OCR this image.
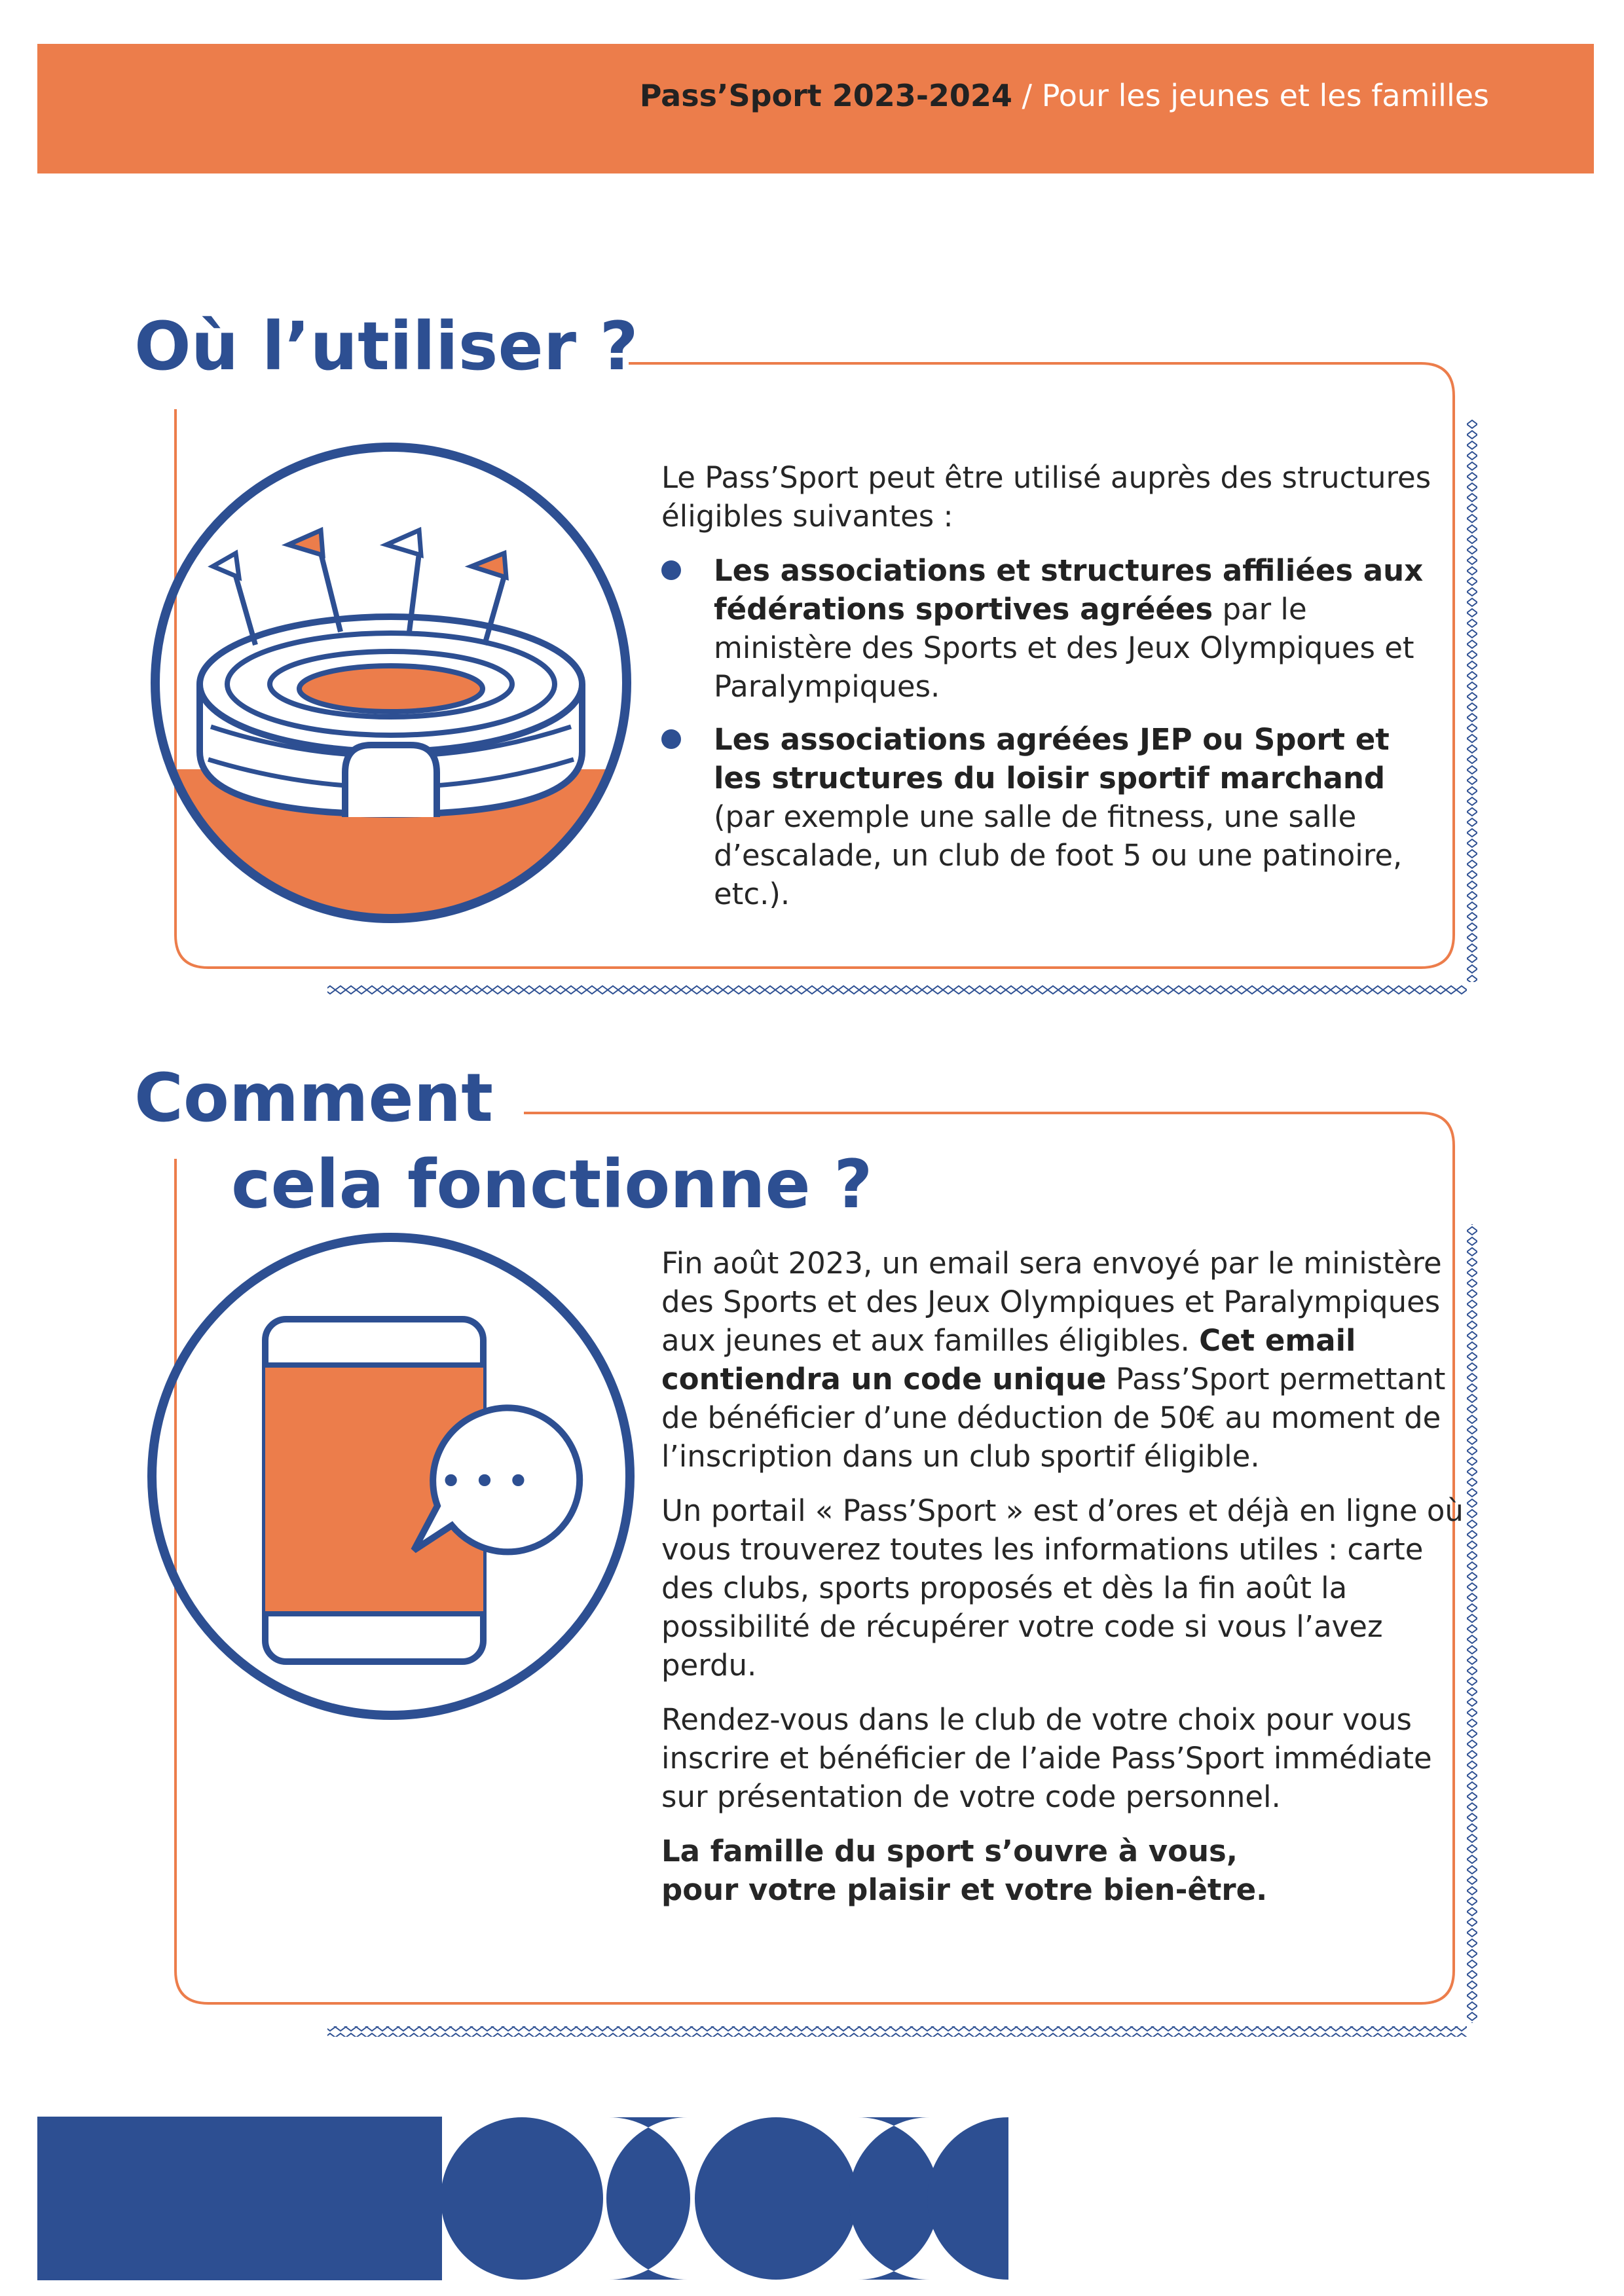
Pass’Sport 2023-2024 / Pour les jeunes et les familles
• • •
Où l’utiliser ?

Le Pass’Sport peut être utilisé auprès des structures éligibles suivantes :

Les associations et structures affiliées aux fédérations sportives agréées par le ministère des Sports et des Jeux Olympiques et Paralympiques.
Les associations agréées JEP ou Sport et les structures du loisir sportif marchand (par exemple une salle de fitness, une salle d’escalade, un club de foot 5 ou une patinoire, etc.).
Comment
cela fonctionne ?

Fin août 2023, un email sera envoyé par le ministère des Sports et des Jeux Olympiques et Paralympiques aux jeunes et aux familles éligibles. Cet email contiendra un code unique Pass’Sport permettant de bénéficier d’une déduction de 50€ au moment de l’inscription dans un club sportif éligible.

Un portail « Pass’Sport » est d’ores et déjà en ligne où vous trouverez toutes les informations utiles : carte des clubs, sports proposés et dès la fin août la possibilité de récupérer votre code si vous l’avez perdu.

Rendez-vous dans le club de votre choix pour vous inscrire et bénéficier de l’aide Pass’Sport immédiate sur présentation de votre code personnel.

La famille du sport s’ouvre à vous,
pour votre plaisir et votre bien-être.
